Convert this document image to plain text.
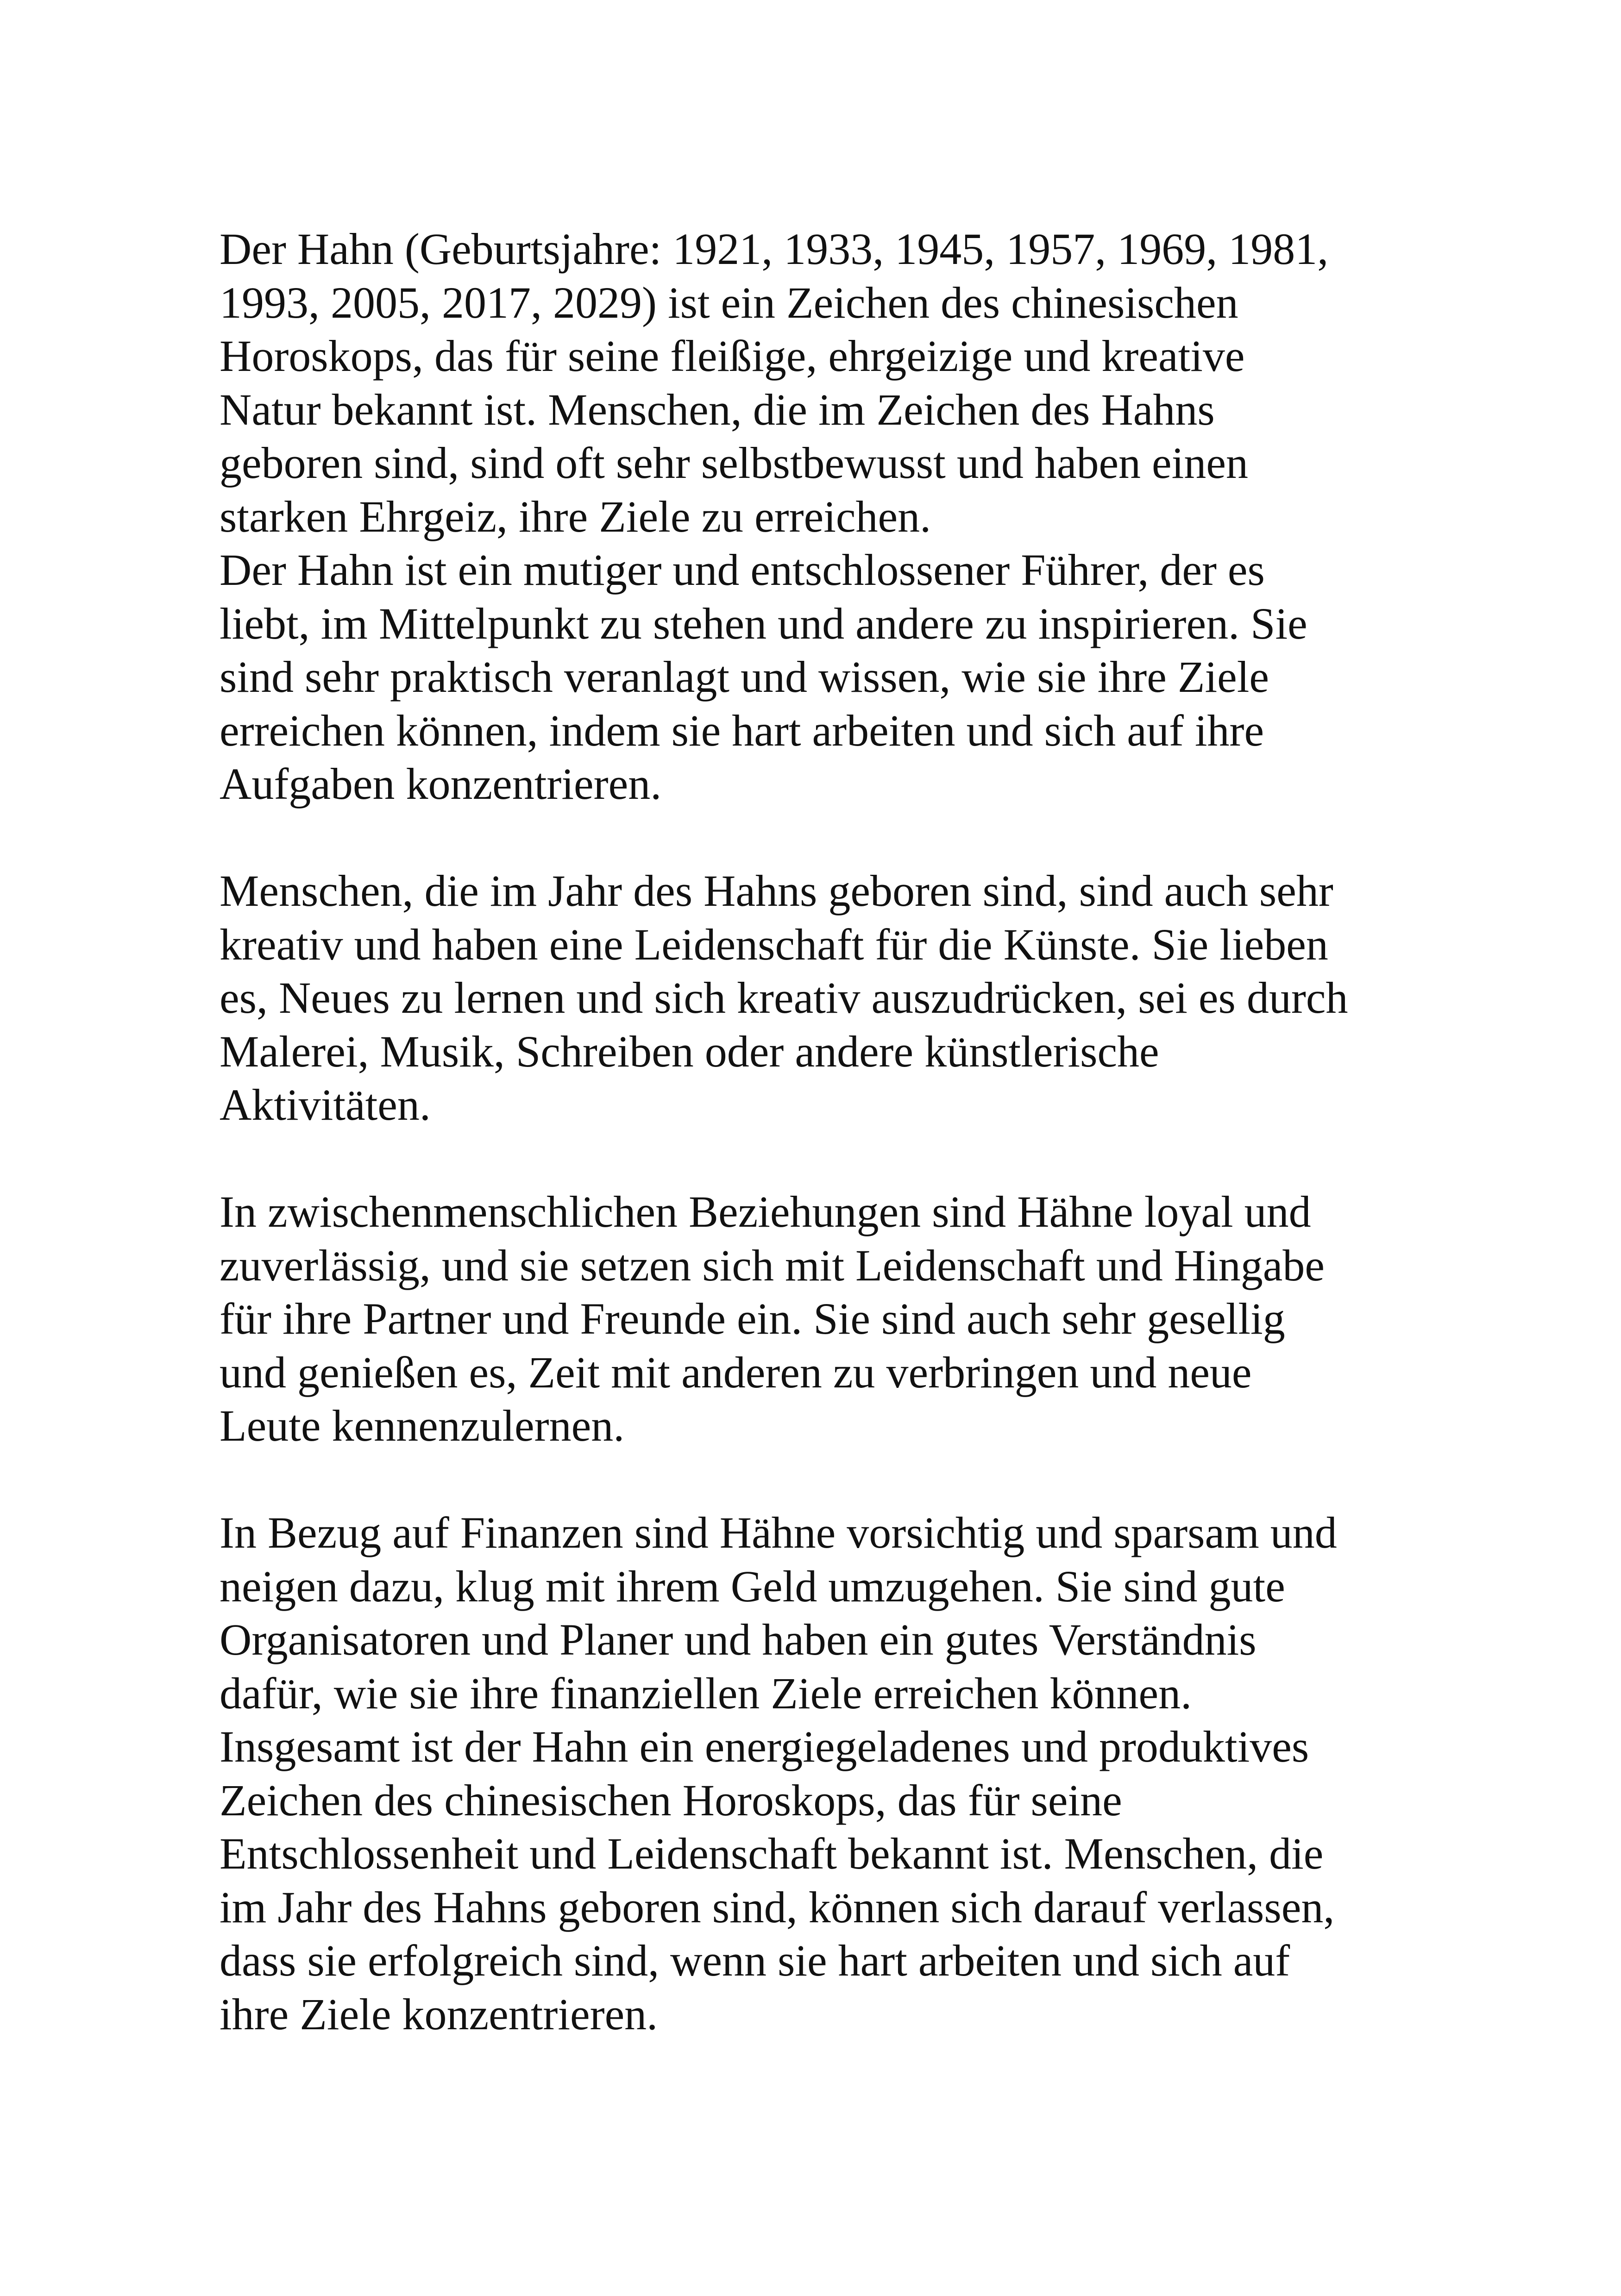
Der Hahn (Geburtsjahre: 1921, 1933, 1945, 1957, 1969, 1981,
1993, 2005, 2017, 2029) ist ein Zeichen des chinesischen
Horoskops, das für seine fleißige, ehrgeizige und kreative
Natur bekannt ist. Menschen, die im Zeichen des Hahns
geboren sind, sind oft sehr selbstbewusst und haben einen
starken Ehrgeiz, ihre Ziele zu erreichen.
Der Hahn ist ein mutiger und entschlossener Führer, der es
liebt, im Mittelpunkt zu stehen und andere zu inspirieren. Sie
sind sehr praktisch veranlagt und wissen, wie sie ihre Ziele
erreichen können, indem sie hart arbeiten und sich auf ihre
Aufgaben konzentrieren.
Menschen, die im Jahr des Hahns geboren sind, sind auch sehr
kreativ und haben eine Leidenschaft für die Künste. Sie lieben
es, Neues zu lernen und sich kreativ auszudrücken, sei es durch
Malerei, Musik, Schreiben oder andere künstlerische
Aktivitäten.
In zwischenmenschlichen Beziehungen sind Hähne loyal und
zuverlässig, und sie setzen sich mit Leidenschaft und Hingabe
für ihre Partner und Freunde ein. Sie sind auch sehr gesellig
und genießen es, Zeit mit anderen zu verbringen und neue
Leute kennenzulernen.
In Bezug auf Finanzen sind Hähne vorsichtig und sparsam und
neigen dazu, klug mit ihrem Geld umzugehen. Sie sind gute
Organisatoren und Planer und haben ein gutes Verständnis
dafür, wie sie ihre finanziellen Ziele erreichen können.
Insgesamt ist der Hahn ein energiegeladenes und produktives
Zeichen des chinesischen Horoskops, das für seine
Entschlossenheit und Leidenschaft bekannt ist. Menschen, die
im Jahr des Hahns geboren sind, können sich darauf verlassen,
dass sie erfolgreich sind, wenn sie hart arbeiten und sich auf
ihre Ziele konzentrieren.
